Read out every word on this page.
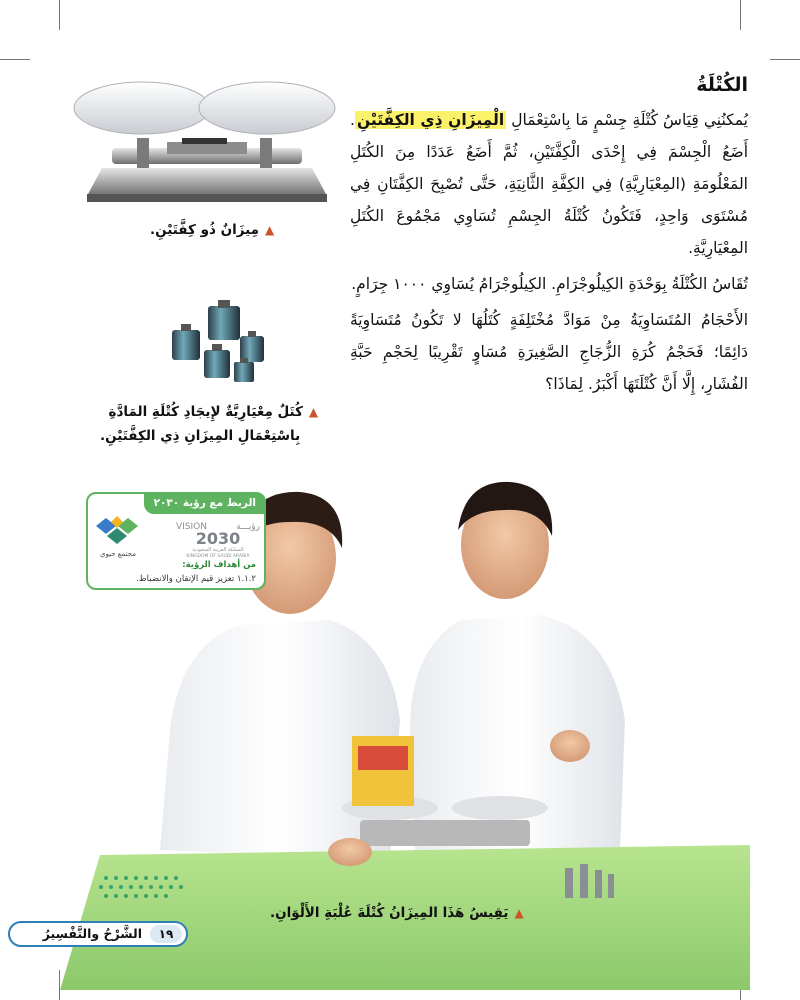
الكُتْلَةُ

يُمكنُنِي قِيَاسُ كُتْلَةِ جِسْمٍ مَا بِاسْتِعْمَالِ الْمِيزَانِ ذِي الكِفَّتَيْنِ. أَضَعُ الْجِسْمَ فِي إِحْدَى الْكِفَّتَيْنِ، ثُمَّ أَضَعُ عَدَدًا مِنَ الكُتَلِ المَعْلُومَةِ (المِعْيَارِيَّةِ) فِي الكِفَّةِ الثَّانِيَةِ، حَتَّى تُصْبِحَ الكِفَّتَانِ فِي مُسْتَوَى وَاحِدٍ، فَتَكُونُ كُتْلَةُ الجِسْمِ تُسَاوِي مَجْمُوعَ الكُتَلِ المِعْيَارِيَّةِ.

تُقَاسُ الكُتْلَةُ بِوَحْدَةِ الكِيلُوجْرَامِ. الكِيلُوجْرَامُ يُسَاوِي ١٠٠٠ جِرَامٍ.

الأَحْجَامُ المُتَسَاوِيَةُ مِنْ مَوَادَّ مُخْتَلِفَةٍ كُتَلُهَا لا تَكُونُ مُتَسَاوِيَةً دَائِمًا؛ فَحَجْمُ كُرَةِ الزُّجَاجِ الصَّغِيرَةِ مُسَاوٍ تَقْرِيبًا لِحَجْمِ حَبَّةِ الفُشَارِ، إِلَّا أَنَّ كُتْلَتَهَا أَكْبَرُ. لِمَاذَا؟

▲مِيزَانٌ ذُو كِفَّتَيْنِ.
▲كُتَلٌ مِعْيَارِيَّةٌ لإِيجَادِ كُتْلَةِ المَادَّةِ
بِاسْتِعْمَالِ المِيزَانِ ذِي الكِفَّتَيْنِ.
▲يَقِيسُ هَذَا المِيزَانُ كُتْلَةَ عُلْبَةِ الأَلْوَانِ.
الربط مع رؤية ٢٠٣٠
VISION	رؤيـــة
2030
المملكة العربية السعودية
KINGDOM OF SAUDI ARABIA
مجتمع حيوي
من أهداف الرؤية:
١.١.٢ تعزيز قيم الإتقان والانضباط.
١٩
الشَّرْحُ والتَّفْسِيرُ
